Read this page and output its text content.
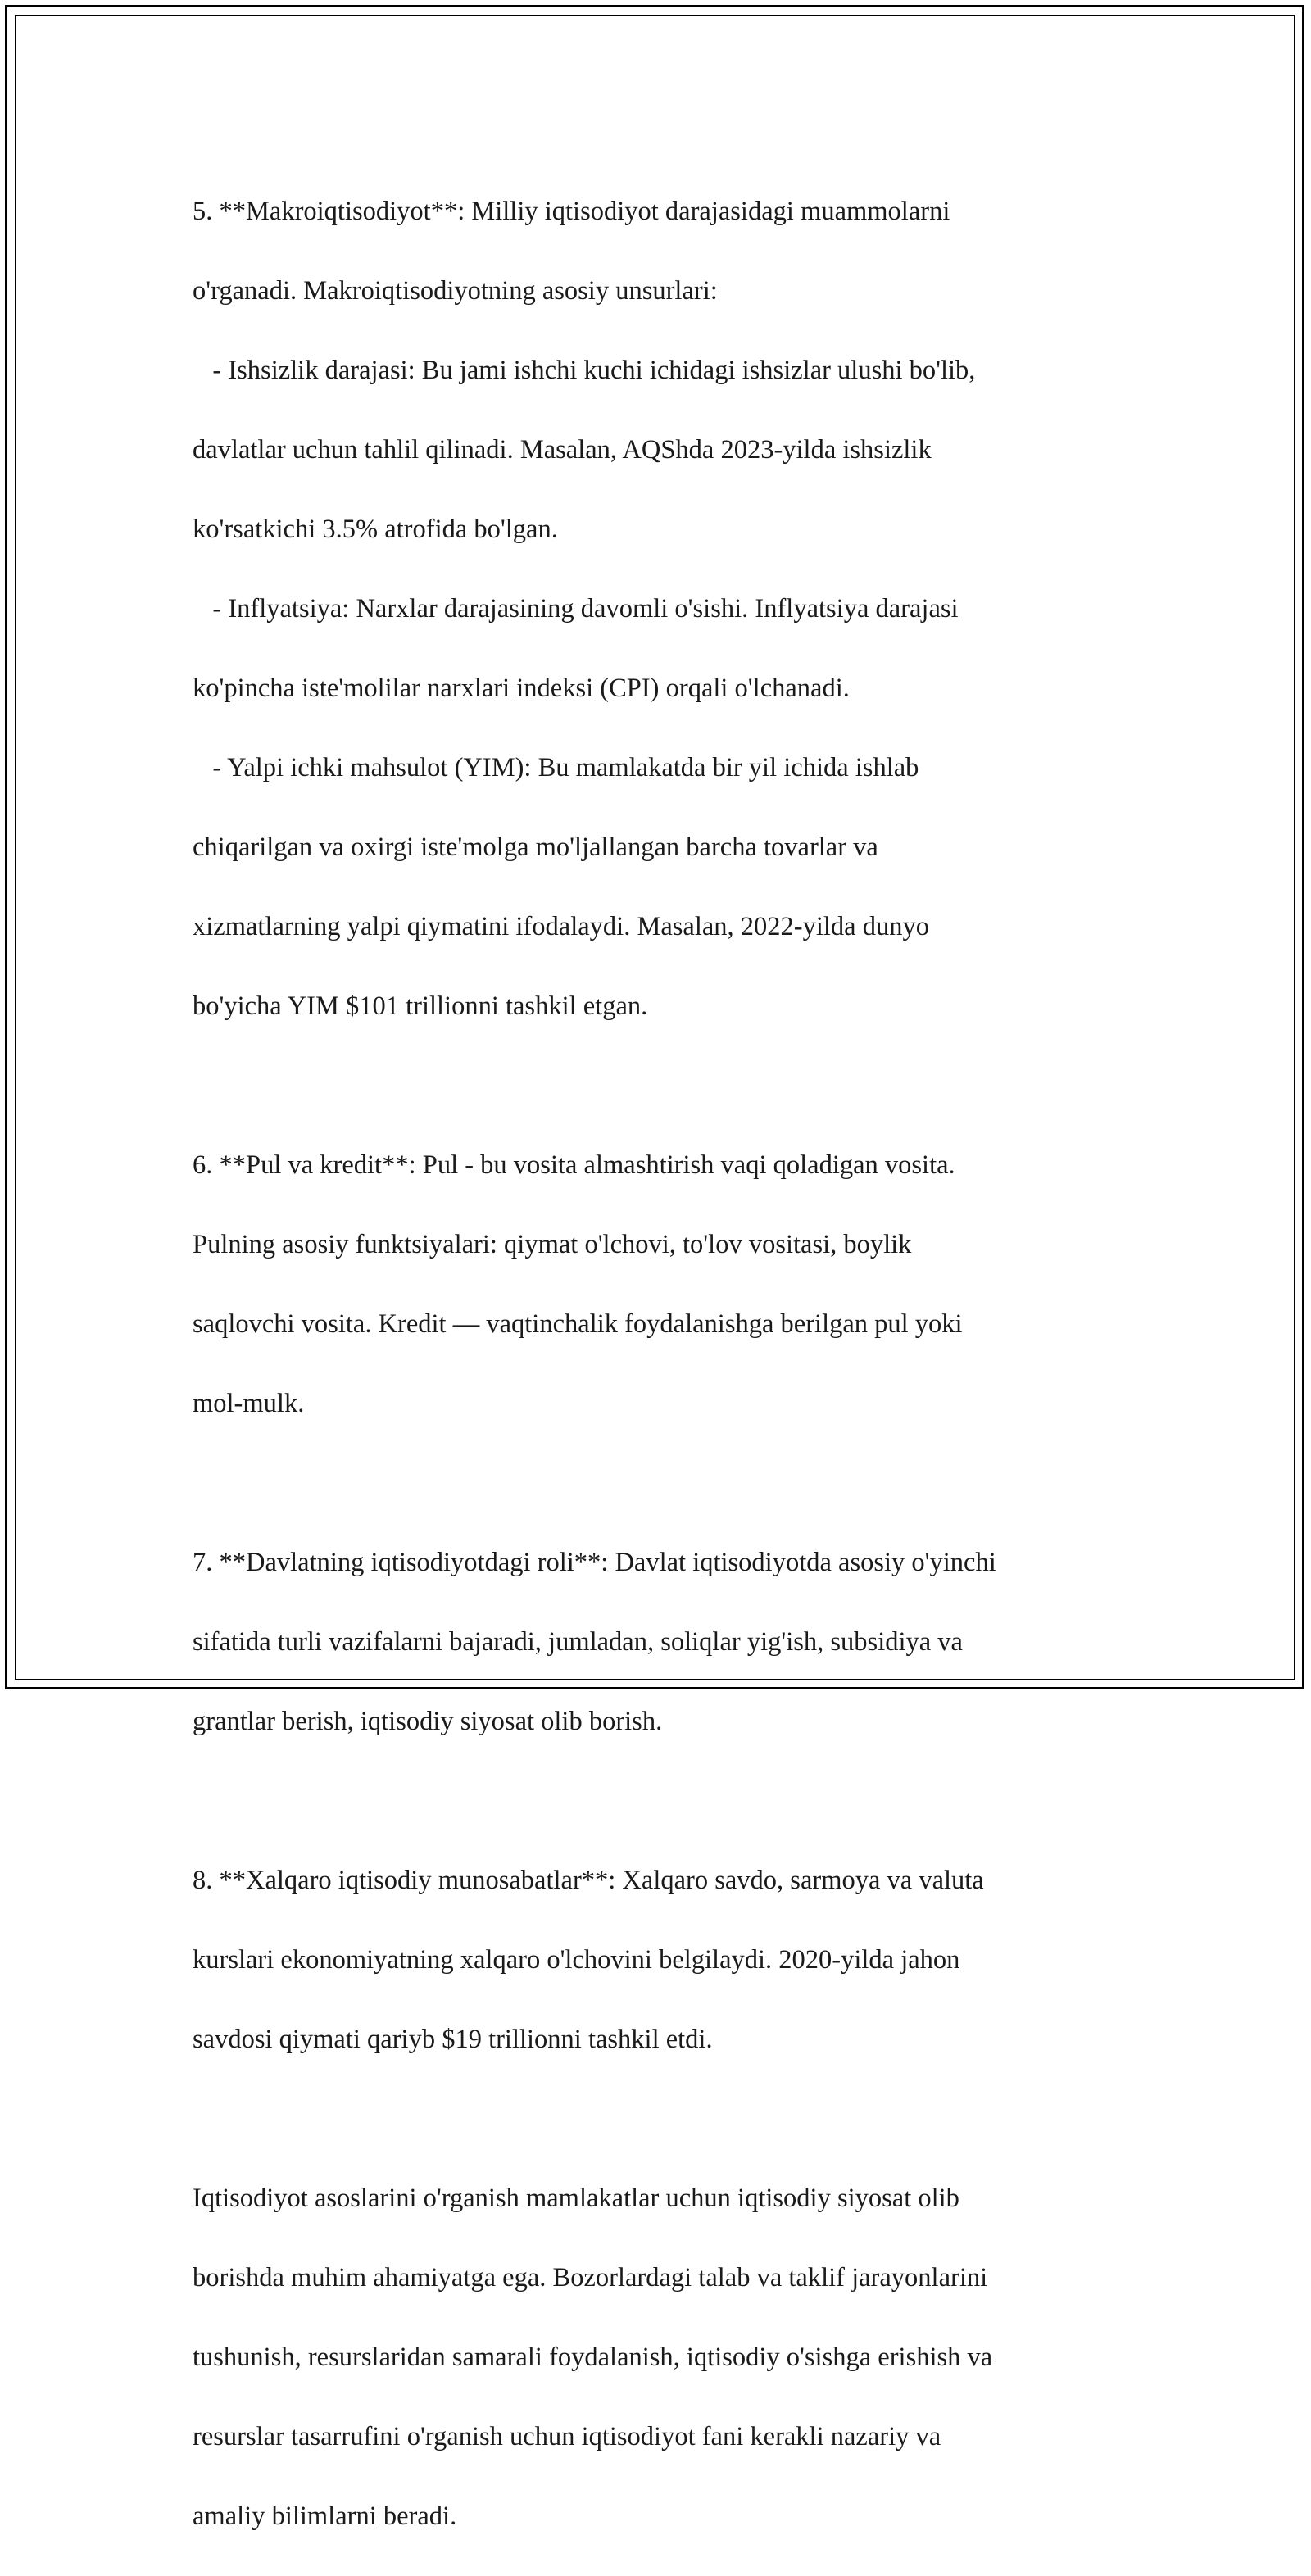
5. **Makroiqtisodiyot**: Milliy iqtisodiyot darajasidagi muammolarni

o'rganadi. Makroiqtisodiyotning asosiy unsurlari:

- Ishsizlik darajasi: Bu jami ishchi kuchi ichidagi ishsizlar ulushi bo'lib,

davlatlar uchun tahlil qilinadi. Masalan, AQShda 2023-yilda ishsizlik

ko'rsatkichi 3.5% atrofida bo'lgan.

- Inflyatsiya: Narxlar darajasining davomli o'sishi. Inflyatsiya darajasi

ko'pincha iste'molilar narxlari indeksi (CPI) orqali o'lchanadi.

- Yalpi ichki mahsulot (YIM): Bu mamlakatda bir yil ichida ishlab

chiqarilgan va oxirgi iste'molga mo'ljallangan barcha tovarlar va

xizmatlarning yalpi qiymatini ifodalaydi. Masalan, 2022-yilda dunyo

bo'yicha YIM $101 trillionni tashkil etgan.

6. **Pul va kredit**: Pul - bu vosita almashtirish vaqi qoladigan vosita.

Pulning asosiy funktsiyalari: qiymat o'lchovi, to'lov vositasi, boylik

saqlovchi vosita. Kredit — vaqtinchalik foydalanishga berilgan pul yoki

mol-mulk.

7. **Davlatning iqtisodiyotdagi roli**: Davlat iqtisodiyotda asosiy o'yinchi

sifatida turli vazifalarni bajaradi, jumladan, soliqlar yig'ish, subsidiya va

grantlar berish, iqtisodiy siyosat olib borish.

8. **Xalqaro iqtisodiy munosabatlar**: Xalqaro savdo, sarmoya va valuta

kurslari ekonomiyatning xalqaro o'lchovini belgilaydi. 2020-yilda jahon

savdosi qiymati qariyb $19 trillionni tashkil etdi.

Iqtisodiyot asoslarini o'rganish mamlakatlar uchun iqtisodiy siyosat olib

borishda muhim ahamiyatga ega. Bozorlardagi talab va taklif jarayonlarini

tushunish, resurslaridan samarali foydalanish, iqtisodiy o'sishga erishish va

resurslar tasarrufini o'rganish uchun iqtisodiyot fani kerakli nazariy va

amaliy bilimlarni beradi.
